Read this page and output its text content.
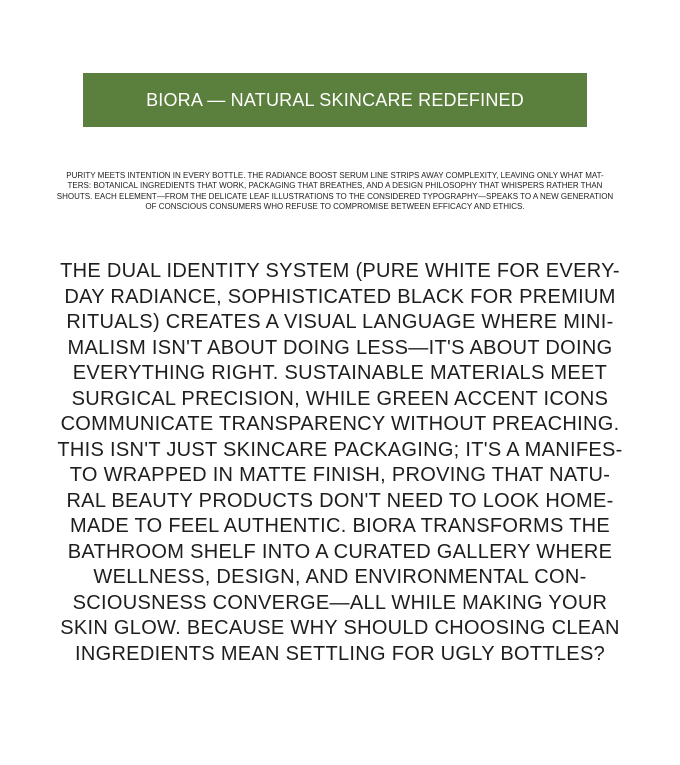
BIORA — NATURAL SKINCARE REDEFINED
PURITY MEETS INTENTION IN EVERY BOTTLE. THE RADIANCE BOOST SERUM LINE STRIPS AWAY COMPLEXITY, LEAVING ONLY WHAT MAT-
TERS: BOTANICAL INGREDIENTS THAT WORK, PACKAGING THAT BREATHES, AND A DESIGN PHILOSOPHY THAT WHISPERS RATHER THAN
SHOUTS. EACH ELEMENT—FROM THE DELICATE LEAF ILLUSTRATIONS TO THE CONSIDERED TYPOGRAPHY—SPEAKS TO A NEW GENERATION
OF CONSCIOUS CONSUMERS WHO REFUSE TO COMPROMISE BETWEEN EFFICACY AND ETHICS.
THE DUAL IDENTITY SYSTEM (PURE WHITE FOR EVERY-
DAY RADIANCE, SOPHISTICATED BLACK FOR PREMIUM
RITUALS) CREATES A VISUAL LANGUAGE WHERE MINI-
MALISM ISN'T ABOUT DOING LESS—IT'S ABOUT DOING
EVERYTHING RIGHT. SUSTAINABLE MATERIALS MEET
SURGICAL PRECISION, WHILE GREEN ACCENT ICONS
COMMUNICATE TRANSPARENCY WITHOUT PREACHING.
THIS ISN'T JUST SKINCARE PACKAGING; IT'S A MANIFES-
TO WRAPPED IN MATTE FINISH, PROVING THAT NATU-
RAL BEAUTY PRODUCTS DON'T NEED TO LOOK HOME-
MADE TO FEEL AUTHENTIC. BIORA TRANSFORMS THE
BATHROOM SHELF INTO A CURATED GALLERY WHERE
WELLNESS, DESIGN, AND ENVIRONMENTAL CON-
SCIOUSNESS CONVERGE—ALL WHILE MAKING YOUR
SKIN GLOW. BECAUSE WHY SHOULD CHOOSING CLEAN
INGREDIENTS MEAN SETTLING FOR UGLY BOTTLES?
